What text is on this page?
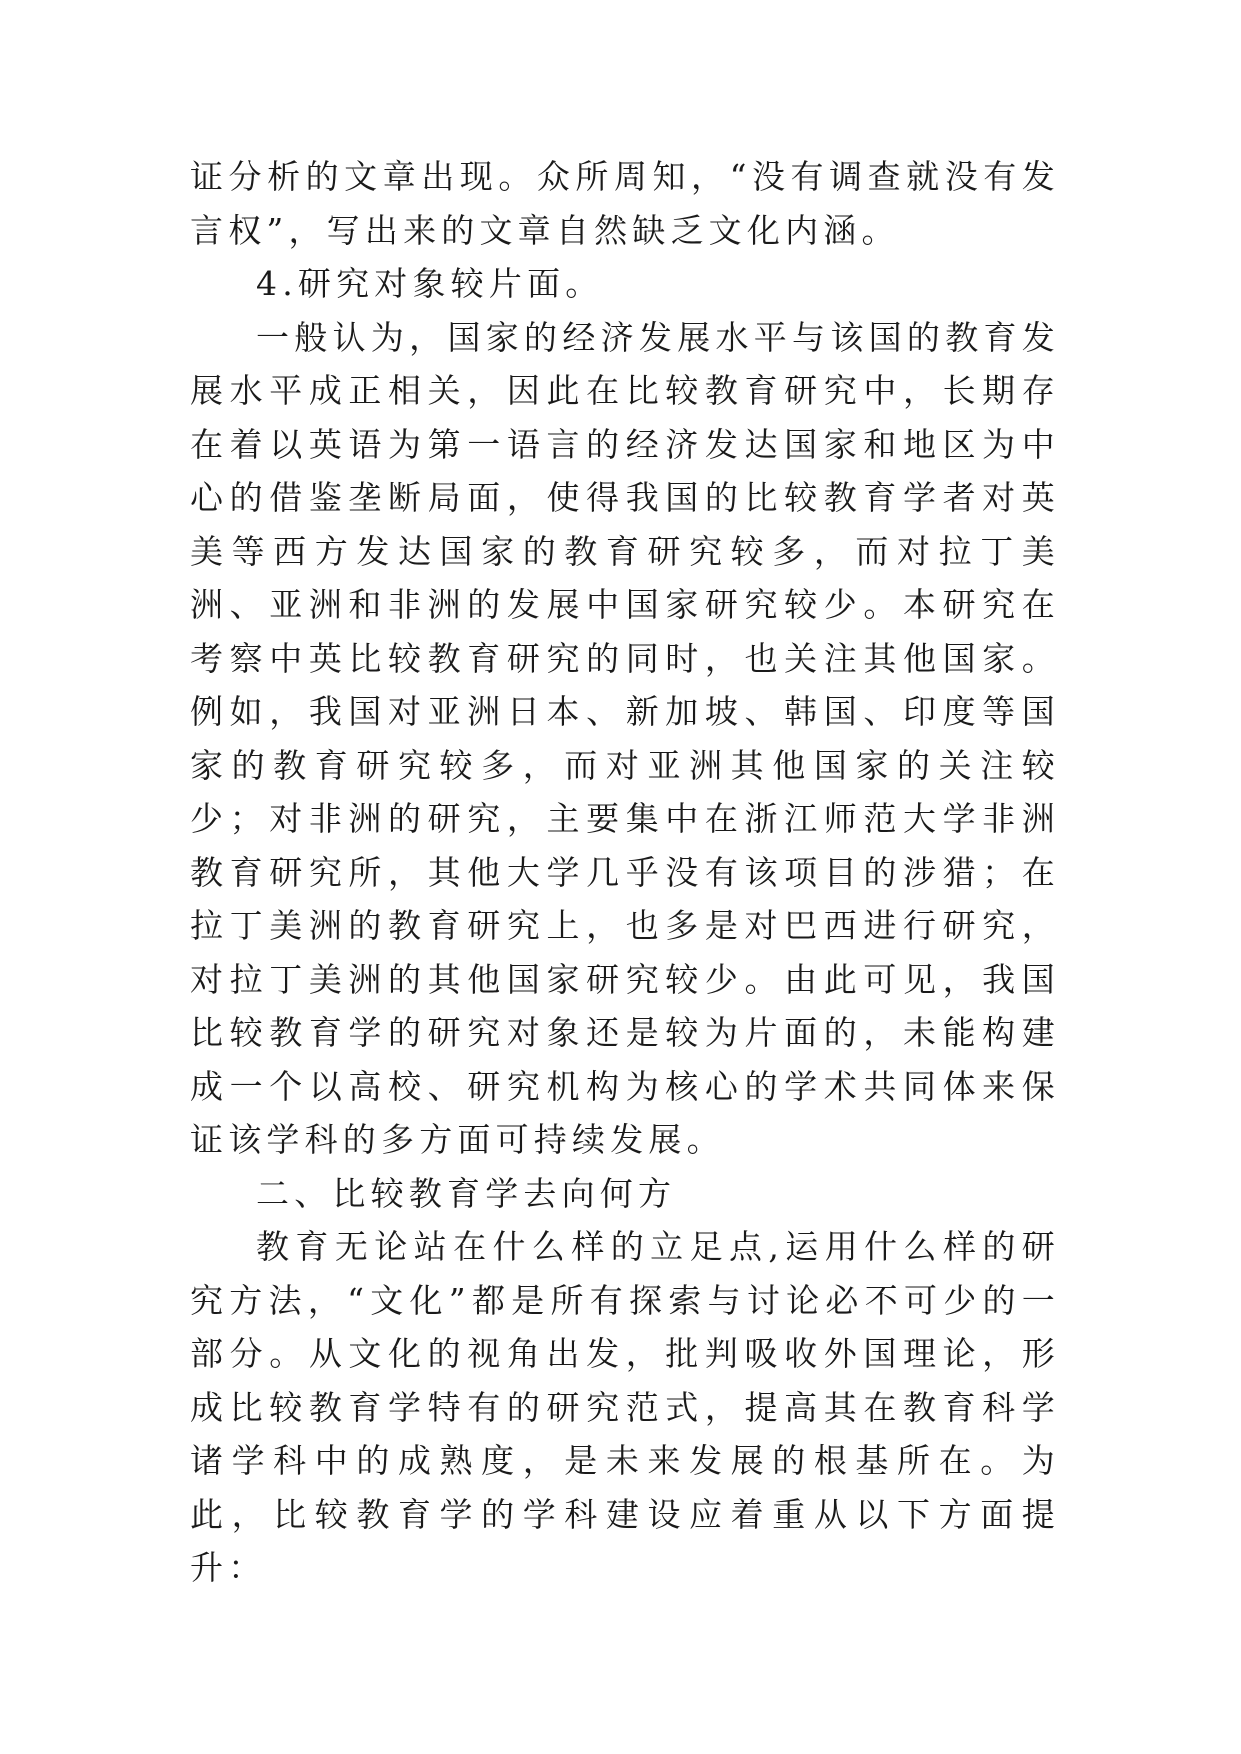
证分析的文章出现。众所周知，“没有调查就没有发言权”，写出来的文章自然缺乏文化内涵。

4.研究对象较片面。

一般认为，国家的经济发展水平与该国的教育发展水平成正相关，因此在比较教育研究中，长期存在着以英语为第一语言的经济发达国家和地区为中心的借鉴垄断局面，使得我国的比较教育学者对英美等西方发达国家的教育研究较多，而对拉丁美洲、亚洲和非洲的发展中国家研究较少。本研究在考察中英比较教育研究的同时，也关注其他国家。例如，我国对亚洲日本、新加坡、韩国、印度等国家的教育研究较多，而对亚洲其他国家的关注较少；对非洲的研究，主要集中在浙江师范大学非洲教育研究所，其他大学几乎没有该项目的涉猎；在拉丁美洲的教育研究上，也多是对巴西进行研究，对拉丁美洲的其他国家研究较少。由此可见，我国比较教育学的研究对象还是较为片面的，未能构建成一个以高校、研究机构为核心的学术共同体来保证该学科的多方面可持续发展。

二、比较教育学去向何方

教育无论站在什么样的立足点,运用什么样的研究方法，“文化”都是所有探索与讨论必不可少的一部分。从文化的视角出发，批判吸收外国理论，形成比较教育学特有的研究范式，提高其在教育科学诸学科中的成熟度，是未来发展的根基所在。为此，比较教育学的学科建设应着重从以下方面提升：
